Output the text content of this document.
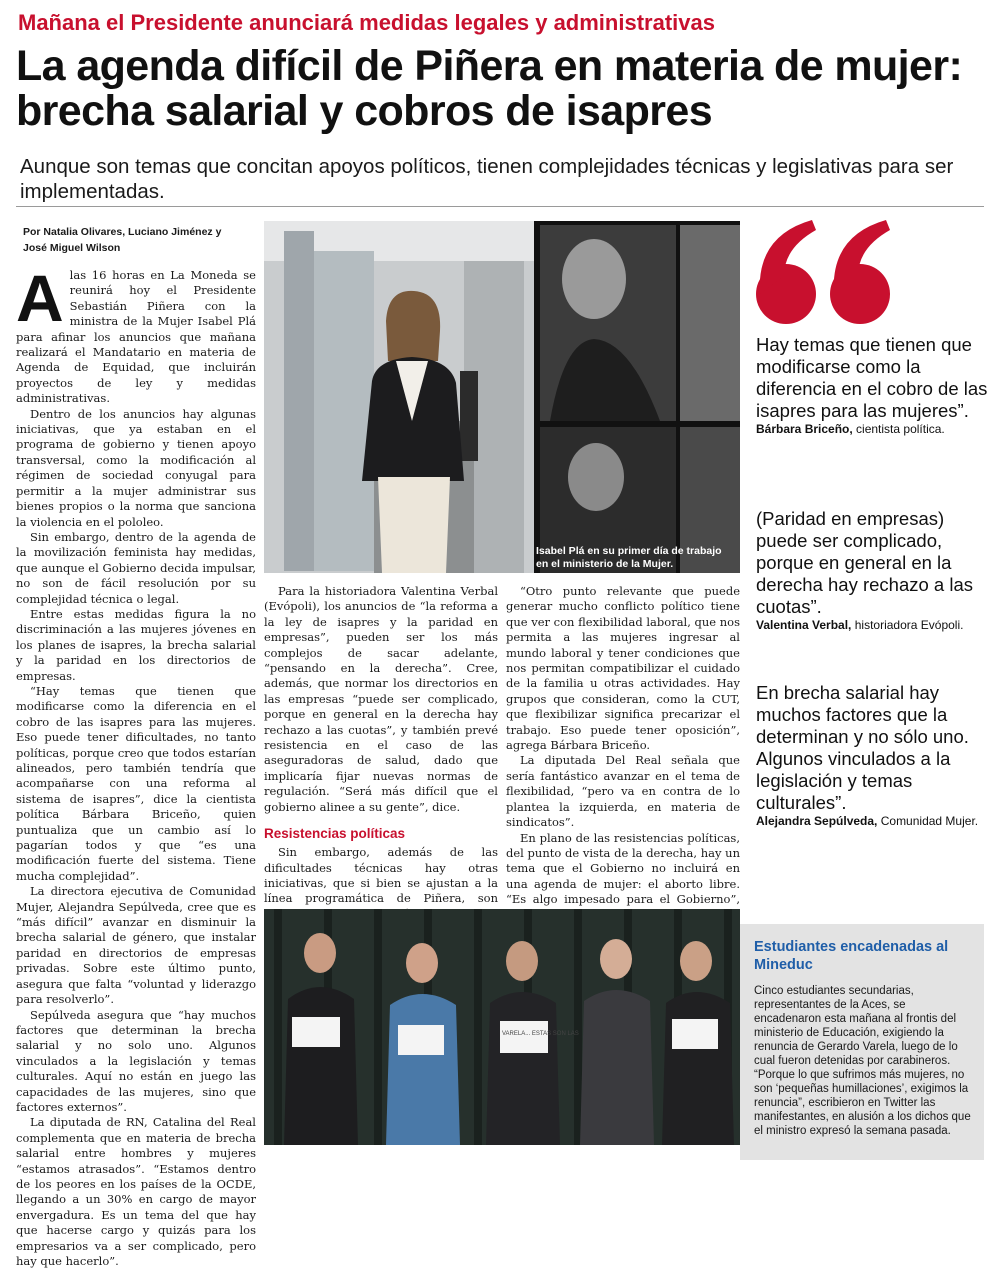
Mañana el Presidente anunciará medidas legales y administrativas
La agenda difícil de Piñera en materia de mujer: brecha salarial y cobros de isapres
Aunque son temas que concitan apoyos políticos, tienen complejidades técnicas y legislativas para ser implementadas.
Por Natalia Olivares, Luciano Jiménez y
José Miguel Wilson
A las 16 horas en La Moneda se reunirá hoy el Presidente Sebastián Piñera con la ministra de la Mujer Isabel Plá para afinar los anuncios que mañana realizará el Mandatario en materia de Agenda de Equidad, que incluirán proyectos de ley y medidas administrativas.

Dentro de los anuncios hay algunas iniciativas, que ya estaban en el programa de gobierno y tienen apoyo transversal, como la modificación al régimen de sociedad conyugal para permitir a la mujer administrar sus bienes propios o la norma que sanciona la violencia en el pololeo.

Sin embargo, dentro de la agenda de la movilización feminista hay medidas, que aunque el Gobierno decida impulsar, no son de fácil resolución por su complejidad técnica o legal.

Entre estas medidas figura la no discriminación a las mujeres jóvenes en los planes de isapres, la brecha salarial y la paridad en los directorios de empresas.

“Hay temas que tienen que modificarse como la diferencia en el cobro de las isapres para las mujeres. Eso puede tener dificultades, no tanto políticas, porque creo que todos estarían alineados, pero también tendría que acompañarse con una reforma al sistema de isapres”, dice la cientista política Bárbara Briceño, quien puntualiza que un cambio así lo pagarían todos y que “es una modificación fuerte del sistema. Tiene mucha complejidad”.

La directora ejecutiva de Comunidad Mujer, Alejandra Sepúlveda, cree que es “más difícil” avanzar en disminuir la brecha salarial de género, que instalar paridad en directorios de empresas privadas. Sobre este último punto, asegura que falta “voluntad y liderazgo para resolverlo”.

Sepúlveda asegura que “hay muchos factores que determinan la brecha salarial y no solo uno. Algunos vinculados a la legislación y temas culturales. Aquí no están en juego las capacidades de las mujeres, sino que factores externos”.

La diputada de RN, Catalina del Real complementa que en materia de brecha salarial entre hombres y mujeres “estamos atrasados”. “Estamos dentro de los peores en los países de la OCDE, llegando a un 30% en cargo de mayor envergadura. Es un tema del que hay que hacerse cargo y quizás para los empresarios va a ser complicado, pero hay que hacerlo”.

Isabel Plá en su primer día de trabajo en el ministerio de la Mujer.

Para la historiadora Valentina Verbal (Evópoli), los anuncios de “la reforma a la ley de isapres y la paridad en empresas”, pueden ser los más complejos de sacar adelante, “pensando en la derecha”. Cree, además, que normar los directorios en las empresas “puede ser complicado, porque en general en la derecha hay rechazo a las cuotas”, y también prevé resistencia en el caso de las aseguradoras de salud, dado que implicaría fijar nuevas normas de regulación. “Será más difícil que el gobierno alinee a su gente”, dice.

Resistencias políticas

Sin embargo, además de las dificultades técnicas hay otras iniciativas, que si bien se ajustan a la línea programática de Piñera, son

“Otro punto relevante que puede generar mucho conflicto político tiene que ver con flexibilidad laboral, que nos permita a las mujeres ingresar al mundo laboral y tener condiciones que nos permitan compatibilizar el cuidado de la familia u otras actividades. Hay grupos que consideran, como la CUT, que flexibilizar significa precarizar el trabajo. Eso puede tener oposición”, agrega Bárbara Briceño.

La diputada Del Real señala que sería fantástico avanzar en el tema de flexibilidad, “pero va en contra de lo plantea la izquierda, en materia de sindicatos”.

En plano de las resistencias políticas, del punto de vista de la derecha, hay un tema que el Gobierno no incluirá en una agenda de mujer: el aborto libre. “Es algo impesado para el Gobierno”,

Hay temas que tienen que modificarse como la diferencia en el cobro de las isapres para las mujeres”.
Bárbara Briceño, cientista política.
(Paridad en empresas) puede ser complicado, porque en general en la derecha hay rechazo a las cuotas”.
Valentina Verbal, historiadora Evópoli.
En brecha salarial hay muchos factores que la determinan y no sólo uno. Algunos vinculados a la legislación y temas culturales”.
Alejandra Sepúlveda, Comunidad Mujer.
VARELA... ESTAS SON LAS
Estudiantes encadenadas al Mineduc
Cinco estudiantes secundarias, representantes de la Aces, se encadenaron esta mañana al frontis del ministerio de Educación, exigiendo la renuncia de Gerardo Varela, luego de lo cual fueron detenidas por carabineros. “Porque lo que sufrimos más mujeres, no son ‘pequeñas humillaciones’, exigimos la renuncia”, escribieron en Twitter las manifestantes, en alusión a los dichos que el ministro expresó la semana pasada.
